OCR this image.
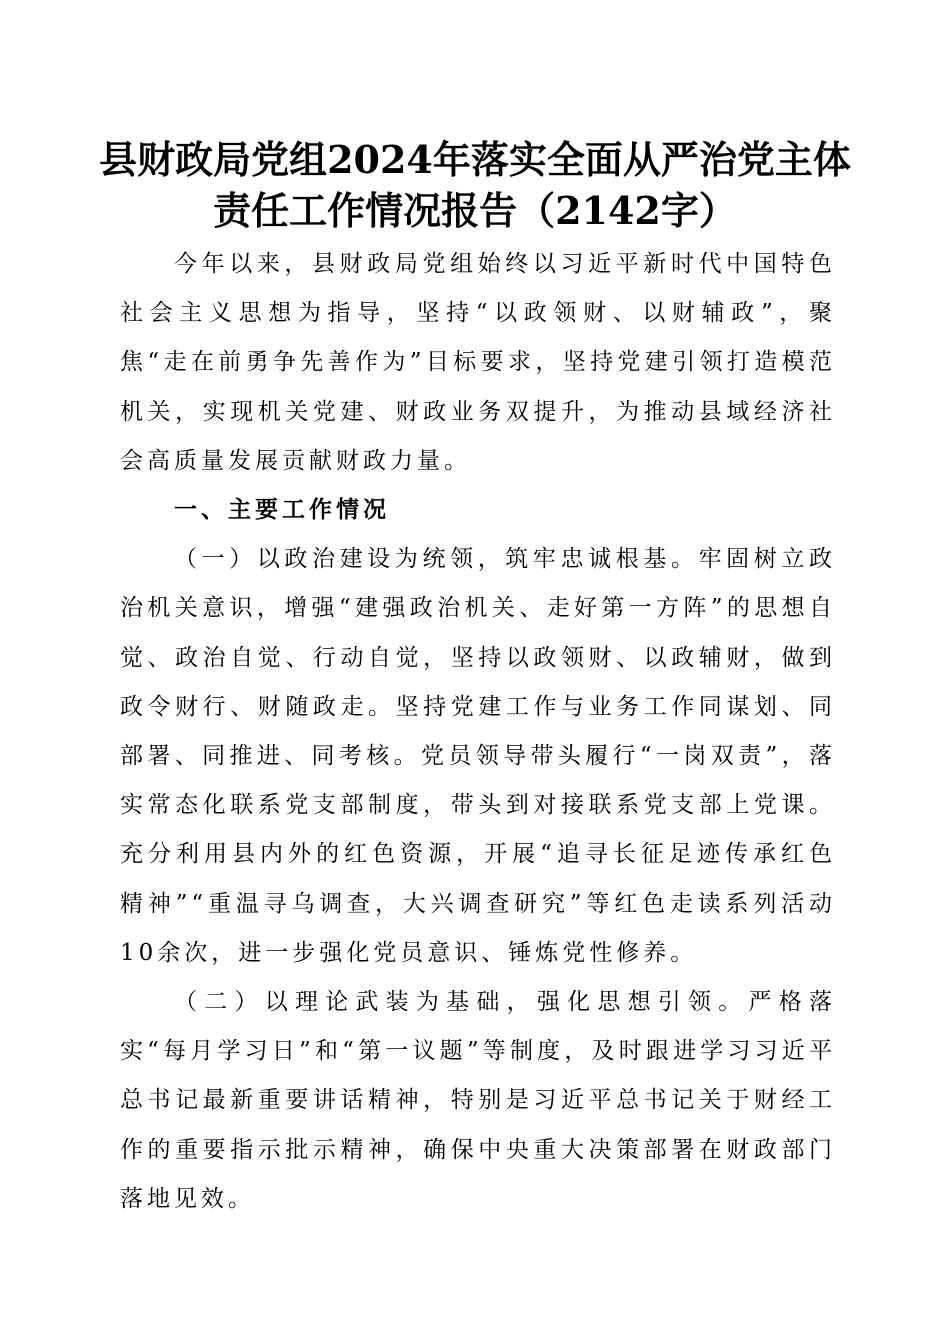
县财政局党组2024年落实全面从严治党主体
责任工作情况报告（2142字）

今年以来，县财政局党组始终以习近平新时代中国特色社会主义思想为指导，坚持“以政领财、以财辅政”，聚焦“走在前勇争先善作为”目标要求，坚持党建引领打造模范机关，实现机关党建、财政业务双提升，为推动县域经济社会高质量发展贡献财政力量。

一、主要工作情况

（一）以政治建设为统领，筑牢忠诚根基。牢固树立政治机关意识，增强“建强政治机关、走好第一方阵”的思想自觉、政治自觉、行动自觉，坚持以政领财、以政辅财，做到政令财行、财随政走。坚持党建工作与业务工作同谋划、同部署、同推进、同考核。党员领导带头履行“一岗双责”，落实常态化联系党支部制度，带头到对接联系党支部上党课。充分利用县内外的红色资源，开展“追寻长征足迹传承红色精神”“重温寻乌调查，大兴调查研究”等红色走读系列活动10余次，进一步强化党员意识、锤炼党性修养。

（二）以理论武装为基础，强化思想引领。严格落实“每月学习日”和“第一议题”等制度，及时跟进学习习近平总书记最新重要讲话精神，特别是习近平总书记关于财经工作的重要指示批示精神，确保中央重大决策部署在财政部门落地见效。
